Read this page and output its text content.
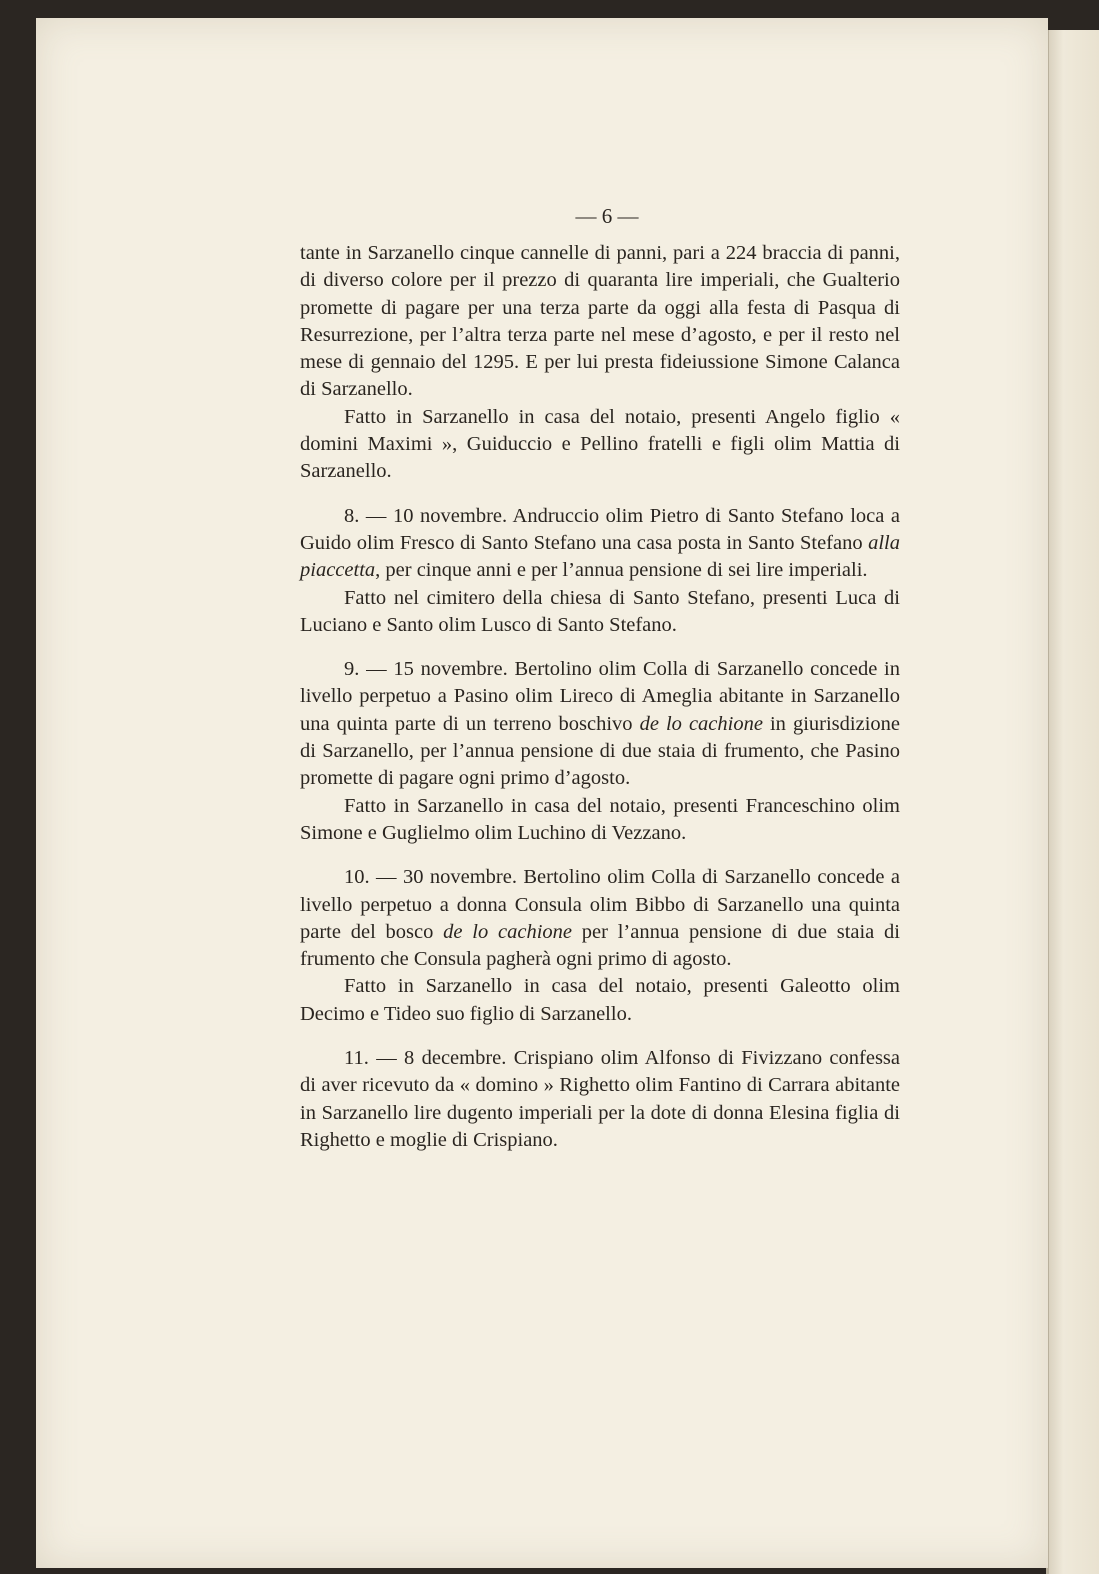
— 6 —

tante in Sarzanello cinque cannelle di panni, pari a 224 braccia di panni, di diverso colore per il prezzo di quaranta lire imperiali, che Gualterio promette di pagare per una terza parte da oggi alla festa di Pasqua di Resurrezione, per l’altra terza parte nel mese d’agosto, e per il resto nel mese di gennaio del 1295. E per lui presta fideiussione Simone Calanca di Sarzanello.

Fatto in Sarzanello in casa del notaio, presenti Angelo figlio « domini Maximi », Guiduccio e Pellino fratelli e figli olim Mattia di Sarzanello.

8. — 10 novembre. Andruccio olim Pietro di Santo Stefano loca a Guido olim Fresco di Santo Stefano una casa posta in Santo Stefano alla piaccetta, per cinque anni e per l’annua pensione di sei lire imperiali.

Fatto nel cimitero della chiesa di Santo Stefano, presenti Luca di Luciano e Santo olim Lusco di Santo Stefano.

9. — 15 novembre. Bertolino olim Colla di Sarzanello concede in livello perpetuo a Pasino olim Lireco di Ameglia abitante in Sarzanello una quinta parte di un terreno boschivo de lo cachione in giurisdizione di Sarzanello, per l’annua pensione di due staia di frumento, che Pasino promette di pagare ogni primo d’agosto.

Fatto in Sarzanello in casa del notaio, presenti Franceschino olim Simone e Guglielmo olim Luchino di Vezzano.

10. — 30 novembre. Bertolino olim Colla di Sarzanello concede a livello perpetuo a donna Consula olim Bibbo di Sarzanello una quinta parte del bosco de lo cachione per l’annua pensione di due staia di frumento che Consula pagherà ogni primo di agosto.

Fatto in Sarzanello in casa del notaio, presenti Galeotto olim Decimo e Tideo suo figlio di Sarzanello.

11. — 8 decembre. Crispiano olim Alfonso di Fivizzano confessa di aver ricevuto da « domino » Righetto olim Fantino di Carrara abitante in Sarzanello lire dugento imperiali per la dote di donna Elesina figlia di Righetto e moglie di Crispiano.
